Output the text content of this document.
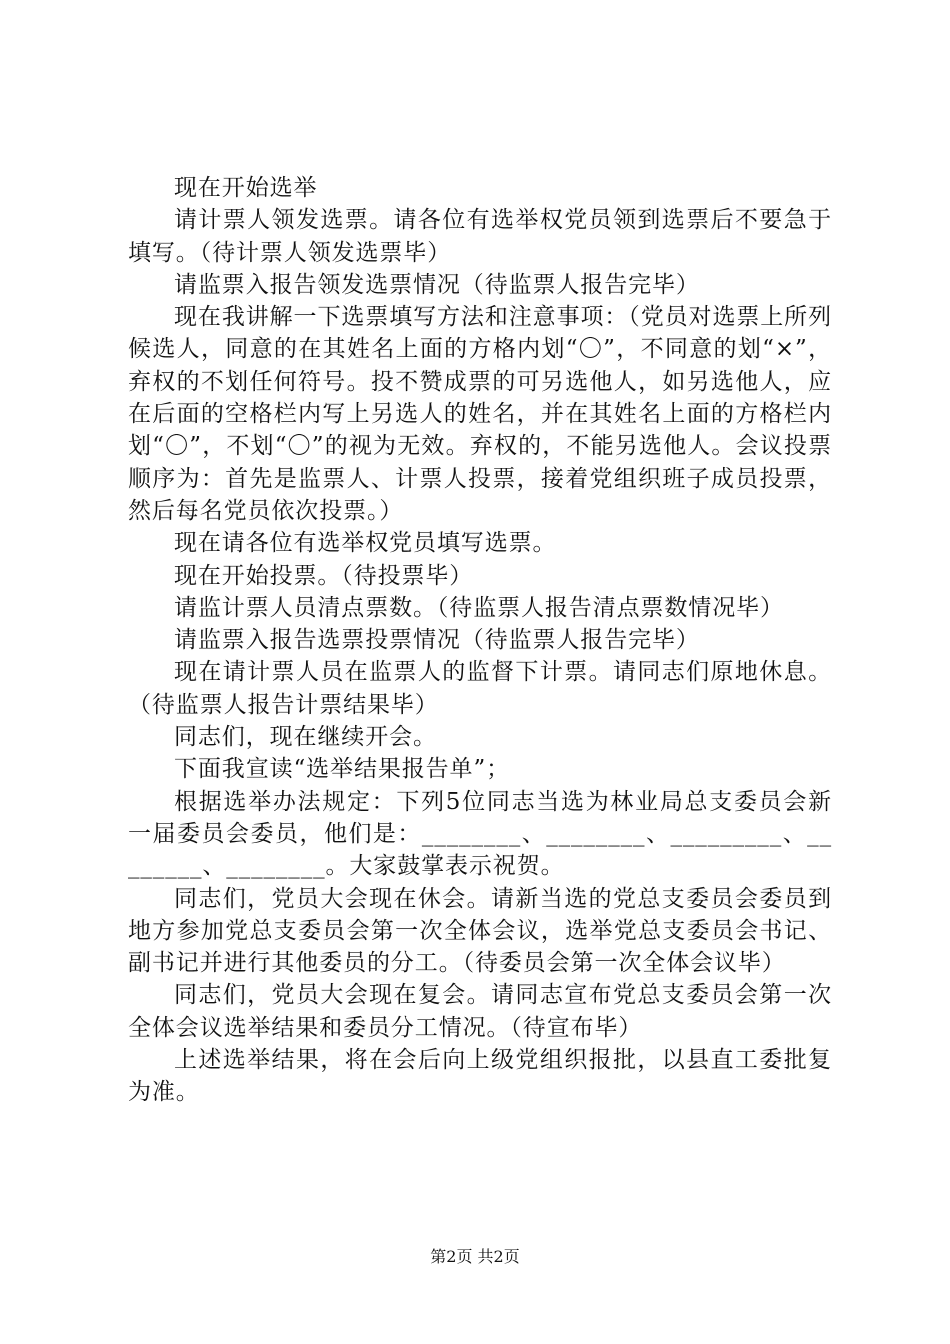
现在开始选举

请计票人领发选票。请各位有选举权党员领到选票后不要急于填写。（待计票人领发选票毕）

请监票入报告领发选票情况（待监票人报告完毕）

现在我讲解一下选票填写方法和注意事项：（党员对选票上所列候选人，同意的在其姓名上面的方格内划“〇”，不同意的划“×”，弃权的不划任何符号。投不赞成票的可另选他人，如另选他人，应在后面的空格栏内写上另选人的姓名，并在其姓名上面的方格栏内划“〇”，不划“〇”的视为无效。弃权的，不能另选他人。会议投票顺序为：首先是监票人、计票人投票，接着党组织班子成员投票，然后每名党员依次投票。）

现在请各位有选举权党员填写选票。

现在开始投票。（待投票毕）

请监计票人员清点票数。（待监票人报告清点票数情况毕）

请监票入报告选票投票情况（待监票人报告完毕）

现在请计票人员在监票人的监督下计票。请同志们原地休息。（待监票人报告计票结果毕）

同志们，现在继续开会。

下面我宣读“选举结果报告单”；

根据选举办法规定：下列5位同志当选为林业局总支委员会新一届委员会委员，他们是：________、________、_________、________、________。大家鼓掌表示祝贺。

同志们，党员大会现在休会。请新当选的党总支委员会委员到地方参加党总支委员会第一次全体会议，选举党总支委员会书记、副书记并进行其他委员的分工。（待委员会第一次全体会议毕）

同志们，党员大会现在复会。请同志宣布党总支委员会第一次全体会议选举结果和委员分工情况。（待宣布毕）

上述选举结果，将在会后向上级党组织报批，以县直工委批复为准。

第2页 共2页
